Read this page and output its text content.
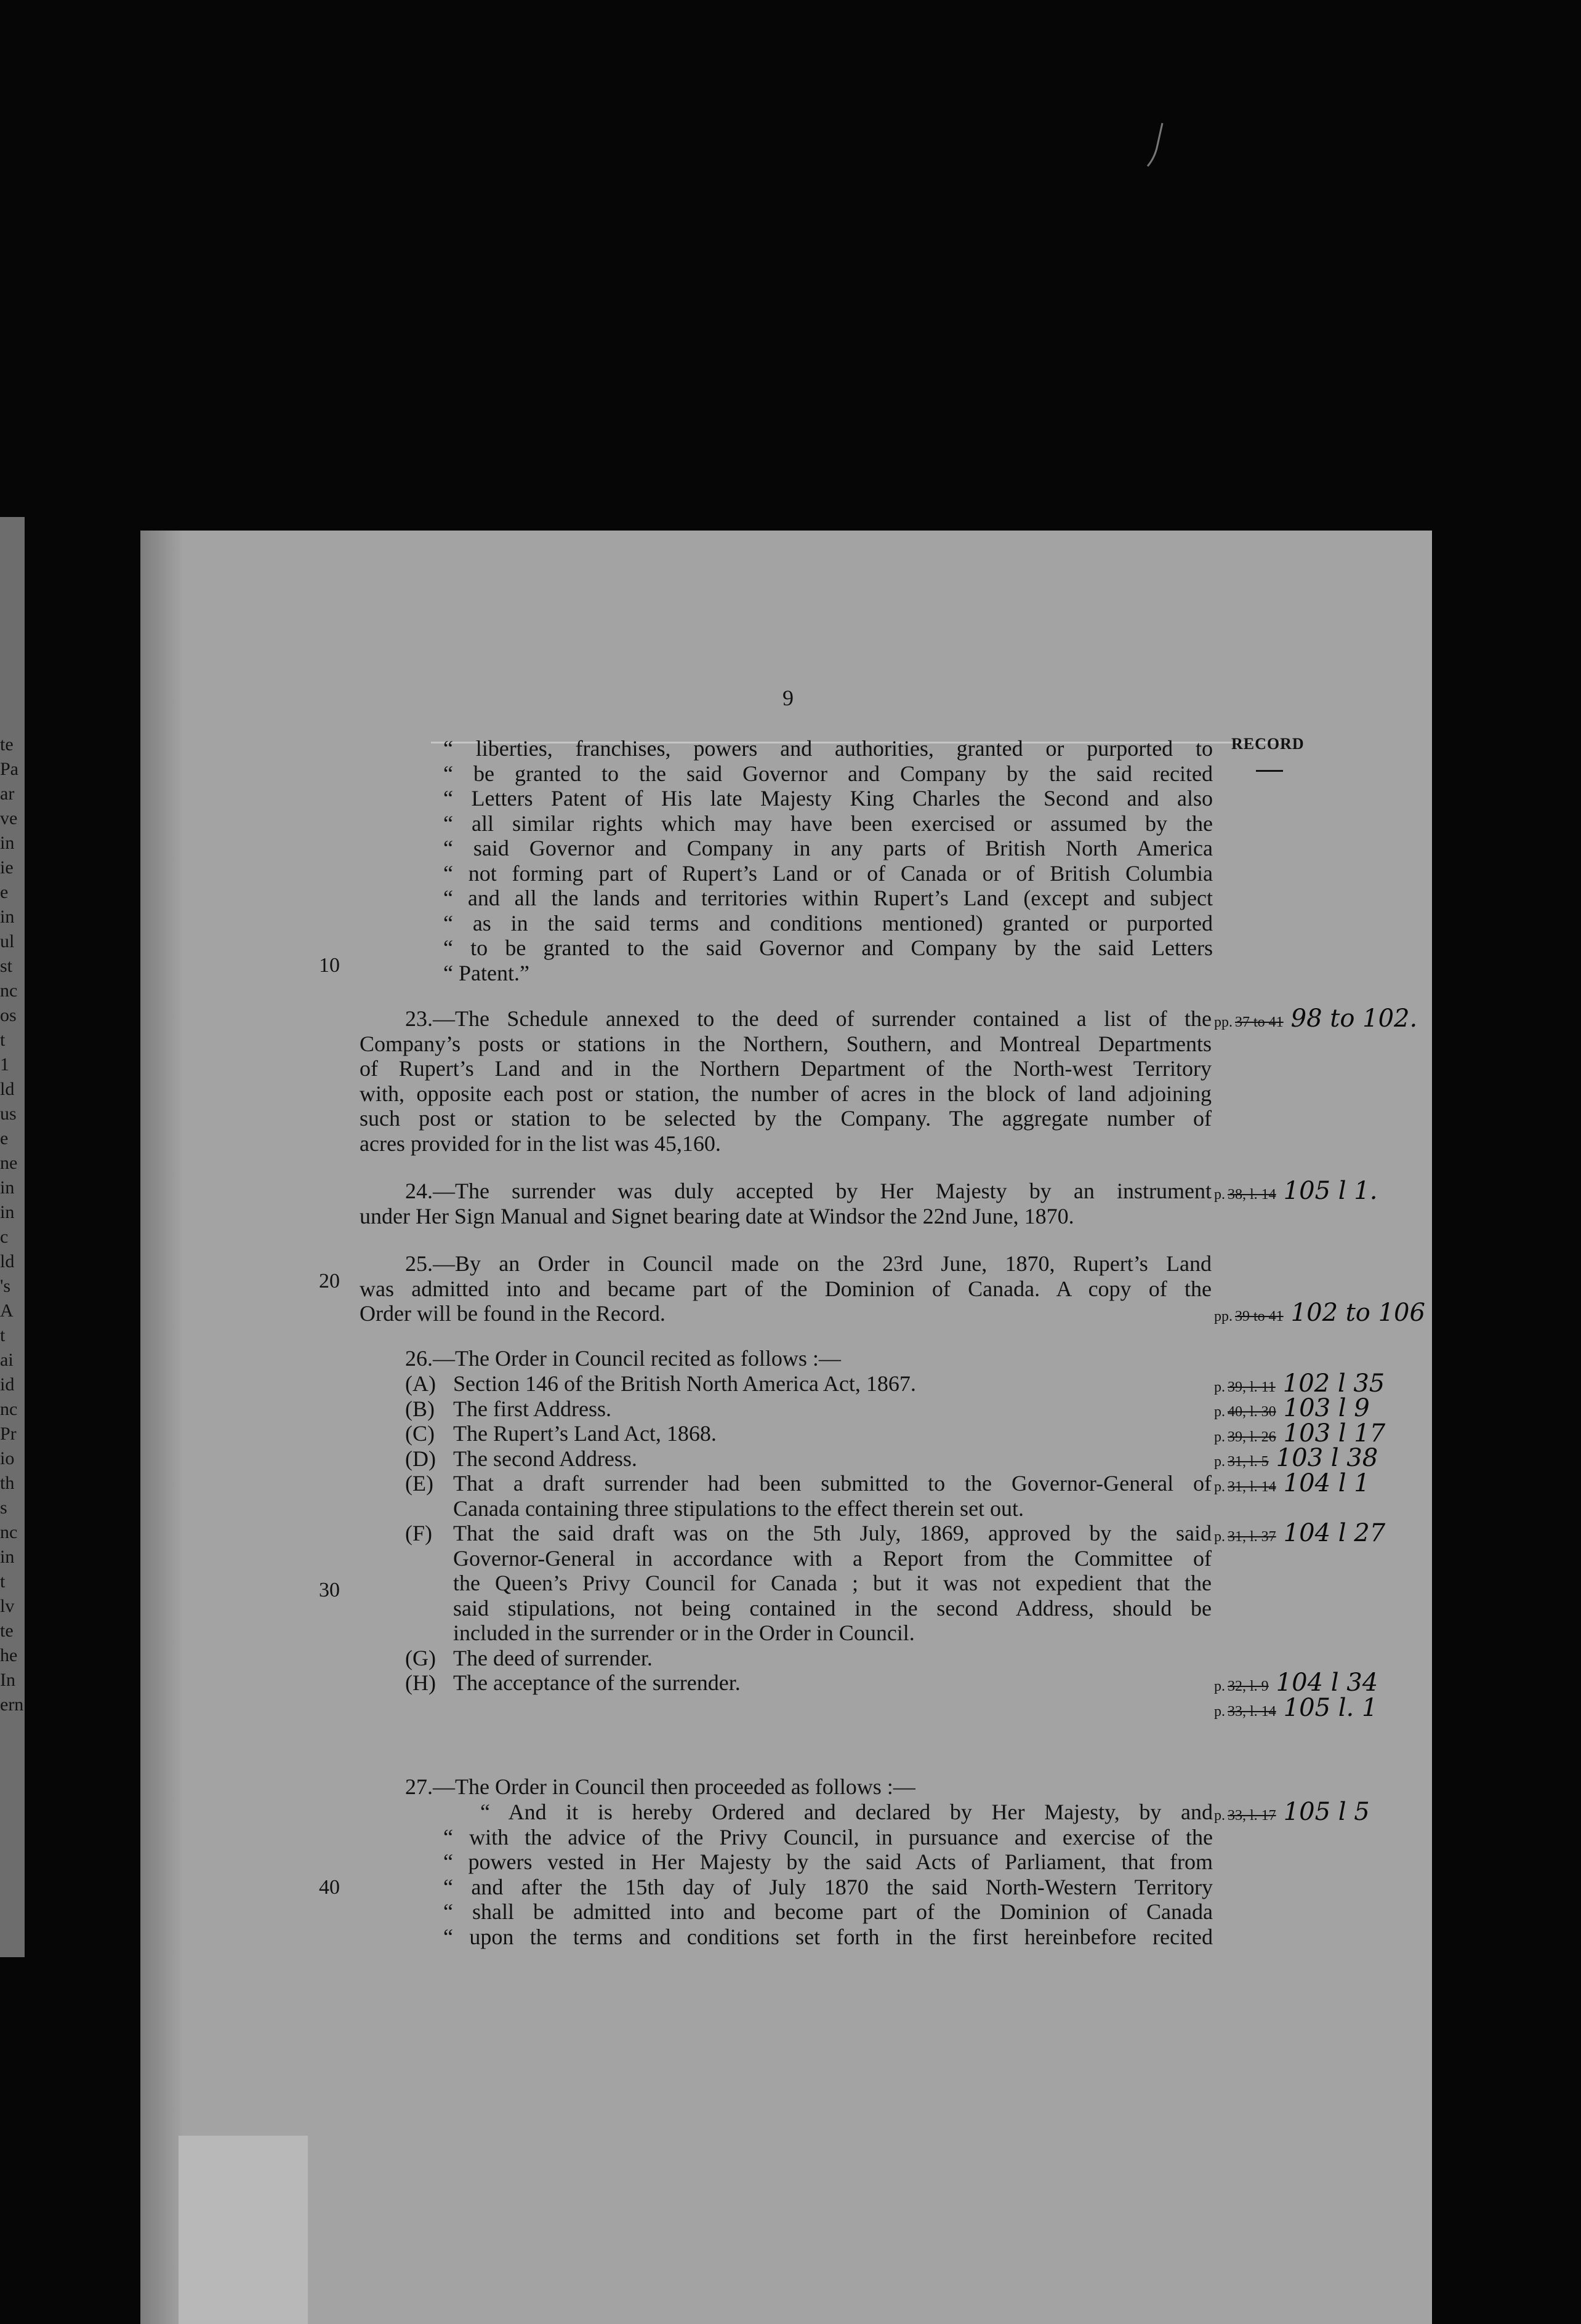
te
Pa
ar
ve
in
ie
e
in
ul
st
nc
os
t
1
ld
us
e
ne
in
in
c
ld
's
A
t
ai
id
nc
Pr
io
th
s
nc
in
t
lv
te
he
In
ern
9
RECORD
10
20
30
40
“ liberties, franchises, powers and authorities, granted or purported to
“ be granted to the said Governor and Company by the said recited
“ Letters Patent of His late Majesty King Charles the Second and also
“ all similar rights which may have been exercised or assumed by the
“ said Governor and Company in any parts of British North America
“ not forming part of Rupert’s Land or of Canada or of British Columbia
“ and all the lands and territories within Rupert’s Land (except and subject
“ as in the said terms and conditions mentioned) granted or purported
“ to be granted to the said Governor and Company by the said Letters
“ Patent.”
23.—The Schedule annexed to the deed of surrender contained a list of the
Company’s posts or stations in the Northern, Southern, and Montreal Departments
of Rupert’s Land and in the Northern Department of the North-west Territory
with, opposite each post or station, the number of acres in the block of land adjoining
such post or station to be selected by the Company. The aggregate number of
acres provided for in the list was 45,160.
24.—The surrender was duly accepted by Her Majesty by an instrument
under Her Sign Manual and Signet bearing date at Windsor the 22nd June, 1870.
25.—By an Order in Council made on the 23rd June, 1870, Rupert’s Land
was admitted into and became part of the Dominion of Canada. A copy of the
Order will be found in the Record.
26.—The Order in Council recited as follows :—
(A) Section 146 of the British North America Act, 1867.
(B) The first Address.
(C) The Rupert’s Land Act, 1868.
(D) The second Address.
(E) That a draft surrender had been submitted to the Governor-General of
Canada containing three stipulations to the effect therein set out.
(F) That the said draft was on the 5th July, 1869, approved by the said
Governor-General in accordance with a Report from the Committee of
the Queen’s Privy Council for Canada ; but it was not expedient that the
said stipulations, not being contained in the second Address, should be
included in the surrender or in the Order in Council.
(G) The deed of surrender.
(H) The acceptance of the surrender.
27.—The Order in Council then proceeded as follows :—
“ And it is hereby Ordered and declared by Her Majesty, by and
“ with the advice of the Privy Council, in pursuance and exercise of the
“ powers vested in Her Majesty by the said Acts of Parliament, that from
“ and after the 15th day of July 1870 the said North-Western Territory
“ shall be admitted into and become part of the Dominion of Canada
“ upon the terms and conditions set forth in the first hereinbefore recited
pp. 37 to 41 98 to 102.
p. 38, l. 14 105 l 1.
pp. 39 to 41 102 to 106
p. 39, l. 11 102 l 35
p. 40, l. 30 103 l 9
p. 39, l. 26 103 l 17
p. 31, l. 5 103 l 38
p. 31, l. 14 104 l 1
p. 31, l. 37 104 l 27
p. 32, l. 9 104 l 34
p. 33, l. 14 105 l. 1
p. 33, l. 17 105 l 5
